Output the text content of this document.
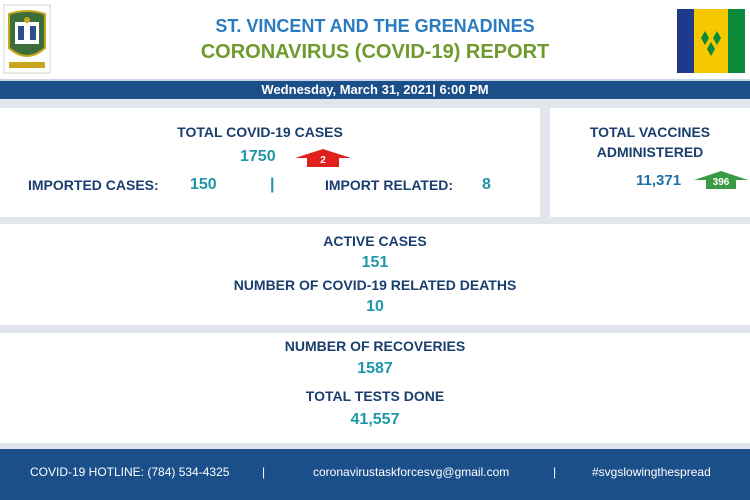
ST. VINCENT AND THE GRENADINES
CORONAVIRUS (COVID-19) REPORT
Wednesday, March 31, 2021| 6:00 PM
TOTAL COVID-19 CASES
1750	2
IMPORTED CASES: 150	|	IMPORT RELATED: 8
TOTAL VACCINES
ADMINISTERED
11,371	396
ACTIVE CASES
151
NUMBER OF COVID-19 RELATED DEATHS
10
NUMBER OF RECOVERIES
1587
TOTAL TESTS DONE
41,557
COVID-19 HOTLINE: (784) 534-4325	|	coronavirustaskforcesvg@gmail.com	|	#svgslowingthespread
